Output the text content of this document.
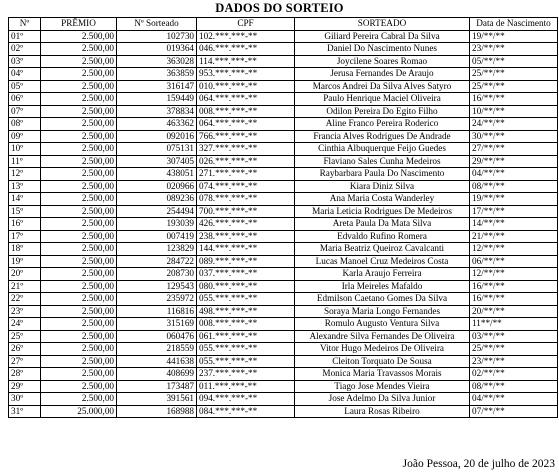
DADOS DO SORTEIO
Nº	PRÊMIO	Nº Sorteado	CPF	SORTEADO	Data de Nascimento
01º	2.500,00	102730	102.***.***-**	Giliard Pereira Cabral Da Silva	19/**/**
02º	2.500,00	019364	046.***.***-**	Daniel Do Nascimento Nunes	23/**/**
03º	2.500,00	363028	114.***.***-**	Joycilene Soares Romao	05/**/**
04º	2.500,00	363859	953.***.***-**	Jerusa Fernandes De Araujo	25/**/**
05º	2.500,00	316147	010.***.***-**	Marcos Andrei Da Silva Alves Satyro	25/**/**
06º	2.500,00	159449	064.***.***-**	Paulo Henrique Maciel Oliveira	16/**/**
07º	2.500,00	378834	008.***.***-**	Odilon Pereira Do Egito Filho	10/**/**
08º	2.500,00	463362	064.***.***-**	Aline Franco Pereira Roderico	24/**/**
09º	2.500,00	092016	766.***.***-**	Francia Alves Rodrigues De Andrade	30/**/**
10º	2.500,00	075131	327.***.***-**	Cinthia Albuquerque Feijo Guedes	27/**/**
11º	2.500,00	307405	026.***.***-**	Flaviano Sales Cunha Medeiros	29/**/**
12º	2.500,00	438051	271.***.***-**	Raybarbara Paula Do Nascimento	04/**/**
13º	2.500,00	020966	074.***.***-**	Kiara Diniz Silva	08/**/**
14º	2.500,00	089236	078.***.***-**	Ana Maria Costa Wanderley	19/**/**
15º	2.500,00	254494	700.***.***-**	Maria Leticia Rodrigues De Medeiros	17/**/**
16º	2.500,00	193039	426.***.***-**	Areta Paula Da Mata Silva	14/**/**
17º	2.500,00	007419	238.***.***-**	Edvaldo Rufino Romera	21/**/**
18º	2.500,00	123829	144.***.***-**	Maria Beatriz Queiroz Cavalcanti	12/**/**
19º	2.500,00	284722	089.***.***-**	Lucas Manoel Cruz Medeiros Costa	06/**/**
20º	2.500,00	208730	037.***.***-**	Karla Araujo Ferreira	12/**/**
21º	2.500,00	129543	080.***.***-**	Irla Meireles Mafaldo	16/**/**
22º	2.500,00	235972	055.***.***-**	Edmilson Caetano Gomes Da Silva	16/**/**
23º	2.500,00	116816	498.***.***-**	Soraya Maria Longo Fernandes	20/**/**
24º	2.500,00	315169	008.***.***-**	Romulo Augusto Ventura Silva	11**/**
25º	2.500,00	060476	061.***.***-**	Alexandre Silva Fernandes De Oliveira	03/**/**
26º	2.500,00	218559	055.***.***-**	Vitor Hugo Medeiros De Oliveira	25/**/**
27º	2.500,00	441638	055.***.***-**	Cleiton Torquato De Sousa	23/**/**
28º	2.500,00	408699	237.***.***-**	Monica Maria Travassos Morais	02/**/**
29º	2.500,00	173487	011.***.***-**	Tiago Jose Mendes Vieira	08/**/**
30º	2.500,00	391561	094.***.***-**	Jose Adelmo Da Silva Junior	04/**/**
31º	25.000,00	168988	084.***.***-**	Laura Rosas Ribeiro	07/**/**
João Pessoa, 20 de julho de 2023
